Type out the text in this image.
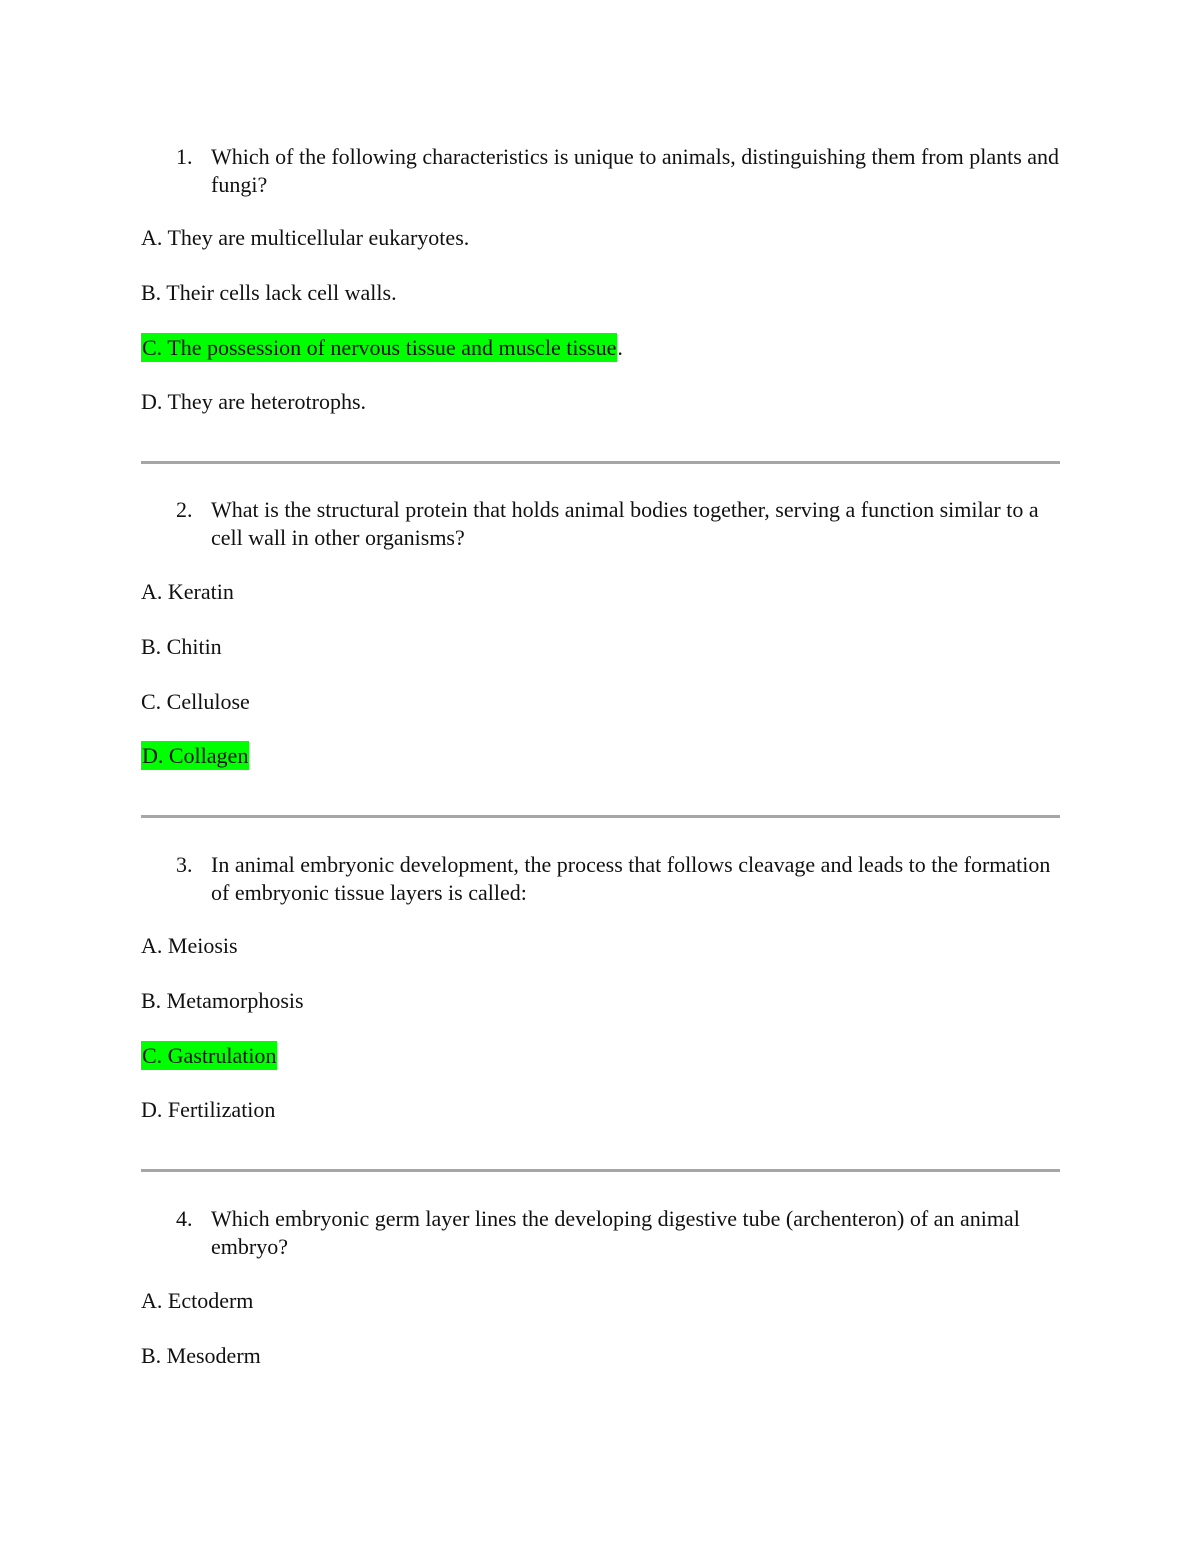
1. Which of the following characteristics is unique to animals, distinguishing them from plants and fungi?
A. They are multicellular eukaryotes.
B. Their cells lack cell walls.
C. The possession of nervous tissue and muscle tissue.
D. They are heterotrophs.
2. What is the structural protein that holds animal bodies together, serving a function similar to a cell wall in other organisms?
A. Keratin
B. Chitin
C. Cellulose
D. Collagen
3. In animal embryonic development, the process that follows cleavage and leads to the formation of embryonic tissue layers is called:
A. Meiosis
B. Metamorphosis
C. Gastrulation
D. Fertilization
4. Which embryonic germ layer lines the developing digestive tube (archenteron) of an animal embryo?
A. Ectoderm
B. Mesoderm
